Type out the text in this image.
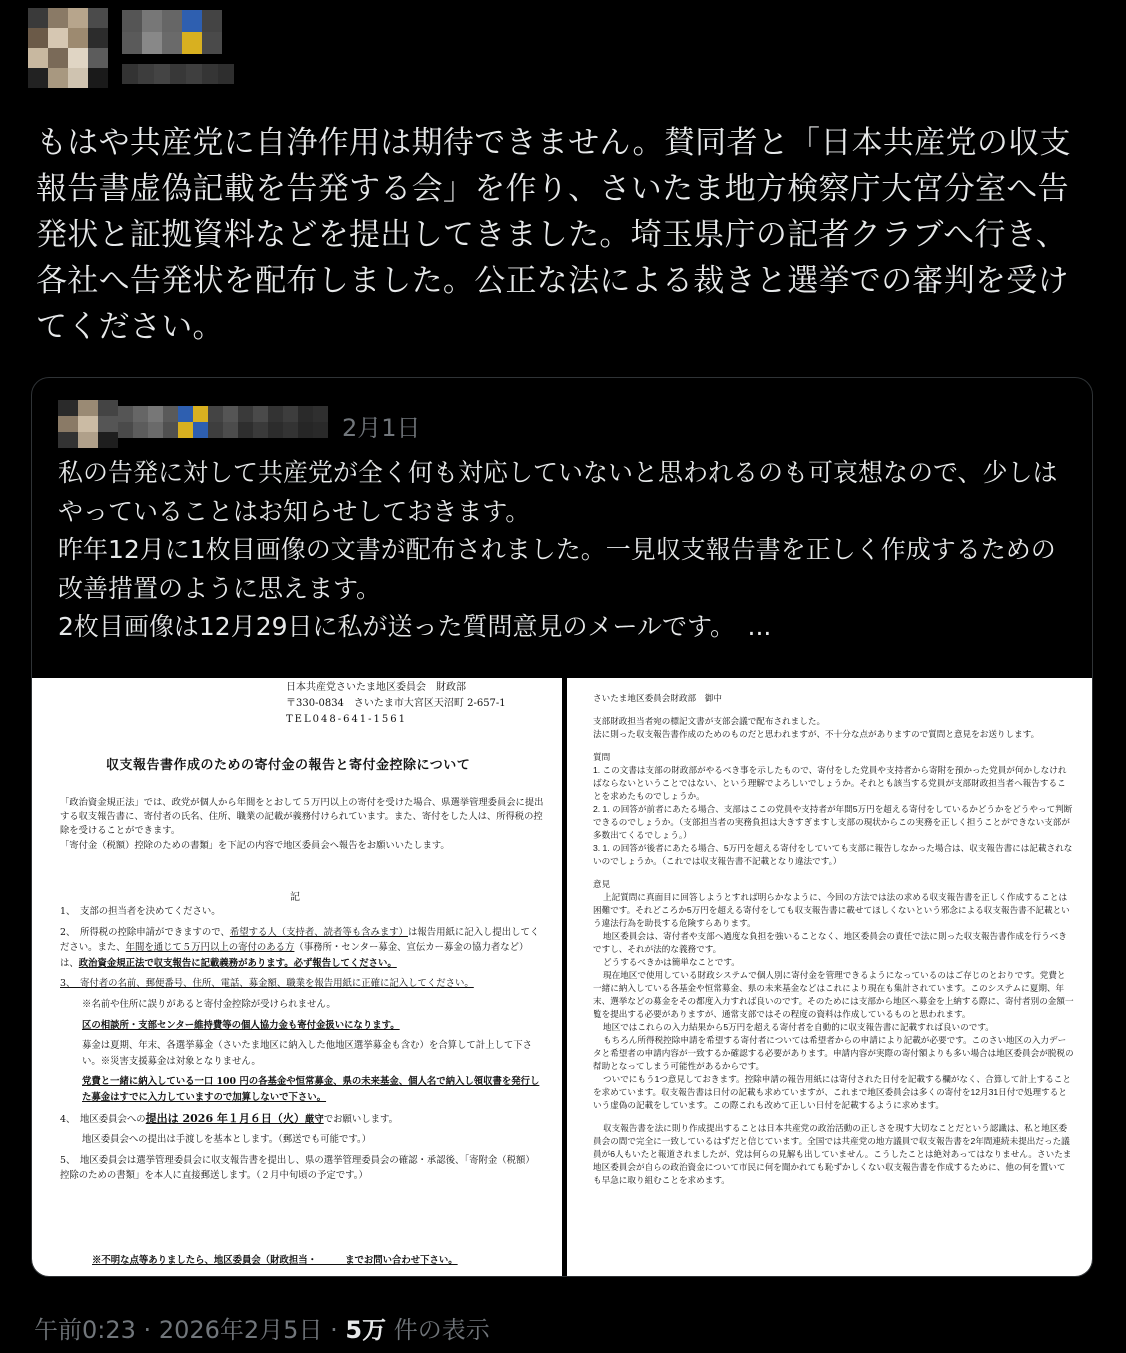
もはや共産党に自浄作用は期待できません。賛同者と「日本共産党の収支報告書虚偽記載を告発する会」を作り、さいたま地方検察庁大宮分室へ告発状と証拠資料などを提出してきました。埼玉県庁の記者クラブへ行き、各社へ告発状を配布しました。公正な法による裁きと選挙での審判を受けてください。

2月1日

私の告発に対して共産党が全く何も対応していないと思われるのも可哀想なので、少しはやっていることはお知らせしておきます。
昨年12月に1枚目画像の文書が配布されました。一見収支報告書を正しく作成するための改善措置のように思えます。
2枚目画像は12月29日に私が送った質問意見のメールです。　...

日本共産党さいたま地区委員会　財政部
〒330-0834　さいたま市大宮区天沼町 2-657-1
TEL048-641-1561
収支報告書作成のための寄付金の報告と寄付金控除について
「政治資金規正法」では、政党が個人から年間をとおして５万円以上の寄付を受けた場合、県選挙管理委員会に提出する収支報告書に、寄付者の氏名、住所、職業の記載が義務付けられています。また、寄付をした人は、所得税の控除を受けることができます。
「寄付金（税額）控除のための書類」を下記の内容で地区委員会へ報告をお願いいたします。
記

1、　支部の担当者を決めてください。

2、　所得税の控除申請ができますので、希望する人（支持者、読者等も含みます）は報告用紙に記入し提出してください。また、年間を通じて５万円以上の寄付のある方（事務所・センター募金、宣伝カー募金の協力者など）は、政治資金規正法で収支報告に記載義務があります。必ず報告してください。

3、　寄付者の名前、郵便番号、住所、電話、募金額、職業を報告用紙に正確に記入してください。

※名前や住所に誤りがあると寄付金控除が受けられません。

区の相談所・支部センター維持費等の個人協力金も寄付金扱いになります。

募金は夏期、年末、各選挙募金（さいたま地区に納入した他地区選挙募金も含む）を合算して計上して下さい。※災害支援募金は対象となりません。

党費と一緒に納入している一口 100 円の各基金や恒常募金、県の未来基金、個人名で納入し領収書を発行した募金はすでに入力していますので加算しないで下さい。

4、　地区委員会への提出は 2026 年１月６日（火）厳守でお願いします。

地区委員会への提出は手渡しを基本とします。（郵送でも可能です。）

5、　地区委員会は選挙管理委員会に収支報告書を提出し、県の選挙管理委員会の確認・承認後、「寄附金（税額）控除のための書類」を本人に直接郵送します。（２月中旬頃の予定です。）

※不明な点等ありましたら、地区委員会（財政担当・　　　までお問い合わせ下さい。

さいたま地区委員会財政部　御中

支部財政担当者宛の標記文書が支部会議で配布されました。

法に則った収支報告書作成のためのものだと思われますが、不十分な点がありますので質問と意見をお送りします。

質問

1. この文書は支部の財政部がやるべき事を示したもので、寄付をした党員や支持者から寄附を預かった党員が何かしなければならないということではない、という理解でよろしいでしょうか。それとも該当する党員が支部財政担当者へ報告することを求めたものでしょうか。

2. 1. の回答が前者にあたる場合、支部はここの党員や支持者が年間5万円を超える寄付をしているかどうかをどうやって判断できるのでしょうか。（支部担当者の実務負担は大きすぎますし支部の現状からこの実務を正しく担うことができない支部が多数出てくるでしょう。）

3. 1. の回答が後者にあたる場合、5万円を超える寄付をしていても支部に報告しなかった場合は、収支報告書には記載されないのでしょうか。（これでは収支報告書不記載となり違法です。）

意見

上記質問に真面目に回答しようとすれば明らかなように、今回の方法では法の求める収支報告書を正しく作成することは困難です。それどころか5万円を超える寄付をしても収支報告書に載せてほしくないという邪念による収支報告書不記載という違法行為を助長する危険すらあります。

地区委員会は、寄付者や支部へ過度な負担を強いることなく、地区委員会の責任で法に則った収支報告書作成を行うべきですし、それが法的な義務です。

どうするべきかは簡単なことです。

現在地区で使用している財政システムで個人別に寄付金を管理できるようになっているのはご存じのとおりです。党費と一緒に納入している各基金や恒常募金、県の未来基金などはこれにより現在も集計されています。このシステムに夏期、年末、選挙などの募金をその都度入力すれば良いのです。そのためには支部から地区へ募金を上納する際に、寄付者別の金額一覧を提出する必要がありますが、通常支部ではその程度の資料は作成しているものと思われます。

地区ではこれらの入力結果から5万円を超える寄付者を自動的に収支報告書に記載すれば良いのです。

もちろん所得税控除申請を希望する寄付者については希望者からの申請により記載が必要です。このさい地区の入力データと希望者の申請内容が一致するか確認する必要があります。申請内容が実際の寄付額よりも多い場合は地区委員会が脱税の幇助となってしまう可能性があるからです。

ついでにもう1つ意見しておきます。控除申請の報告用紙には寄付された日付を記載する欄がなく、合算して計上することを求めています。収支報告書は日付の記載も求めていますが、これまで地区委員会は多くの寄付を12月31日付で処理するという虚偽の記載をしています。この際これも改めて正しい日付を記載するように求めます。

収支報告書を法に則り作成提出することは日本共産党の政治活動の正しさを現す大切なことだという認識は、私と地区委員会の間で完全に一致しているはずだと信じています。全国では共産党の地方議員で収支報告書を2年間連続未提出だった議員が6人もいたと報道されましたが、党は何らの見解も出していません。こうしたことは絶対あってはなりません。さいたま地区委員会が自らの政治資金について市民に何を聞かれても恥ずかしくない収支報告書を作成するために、他の何を置いても早急に取り組むことを求めます。

午前0:23 · 2026年2月5日 · 5万 件の表示
